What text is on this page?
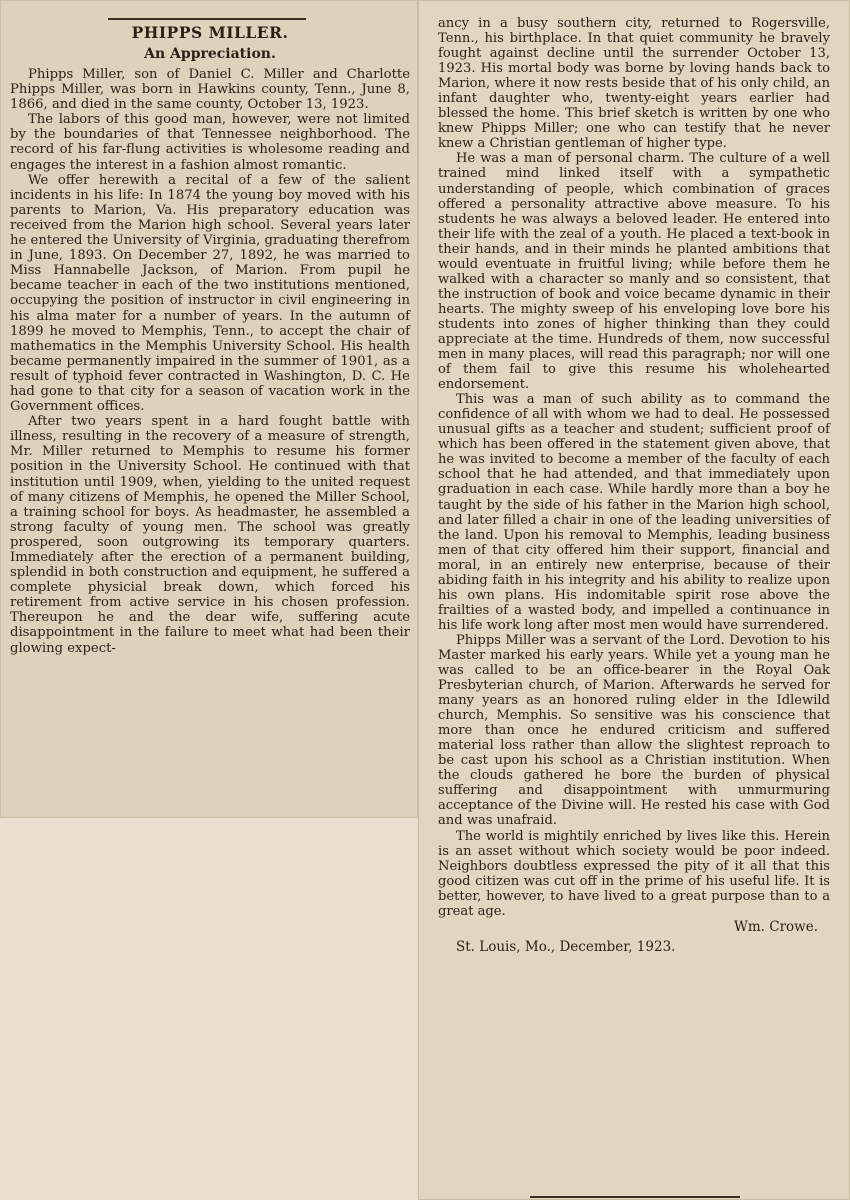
PHIPPS MILLER.
An Appreciation.

Phipps Miller, son of Daniel C. Miller and Charlotte Phipps Miller, was born in Hawkins county, Tenn., June 8, 1866, and died in the same county, October 13, 1923.

The labors of this good man, however, were not limited by the boundaries of that Tennessee neighborhood. The record of his far-flung activities is wholesome reading and engages the interest in a fashion almost romantic.

We offer herewith a recital of a few of the salient incidents in his life: In 1874 the young boy moved with his parents to Marion, Va. His preparatory education was received from the Marion high school. Several years later he entered the University of Virginia, graduating therefrom in June, 1893. On December 27, 1892, he was married to Miss Hannabelle Jackson, of Marion. From pupil he became teacher in each of the two institutions mentioned, occupying the position of instructor in civil engineering in his alma mater for a number of years. In the autumn of 1899 he moved to Memphis, Tenn., to accept the chair of mathematics in the Memphis University School. His health became permanently impaired in the summer of 1901, as a result of typhoid fever contracted in Washington, D. C. He had gone to that city for a season of vacation work in the Government offices.

After two years spent in a hard fought battle with illness, resulting in the recovery of a measure of strength, Mr. Miller returned to Memphis to resume his former position in the University School. He continued with that institution until 1909, when, yielding to the united request of many citizens of Memphis, he opened the Miller School, a training school for boys. As headmaster, he assembled a strong faculty of young men. The school was greatly prospered, soon outgrowing its temporary quarters. Immediately after the erection of a permanent building, splendid in both construction and equipment, he suffered a complete physicial break down, which forced his retirement from active service in his chosen profession. Thereupon he and the dear wife, suffering acute disappointment in the failure to meet what had been their glowing expect-

ancy in a busy southern city, returned to Rogersville, Tenn., his birthplace. In that quiet community he bravely fought against decline until the surrender October 13, 1923. His mortal body was borne by loving hands back to Marion, where it now rests beside that of his only child, an infant daughter who, twenty-eight years earlier had blessed the home. This brief sketch is written by one who knew Phipps Miller; one who can testify that he never knew a Christian gentleman of higher type.

He was a man of personal charm. The culture of a well trained mind linked itself with a sympathetic understanding of people, which combination of graces offered a personality attractive above measure. To his students he was always a beloved leader. He entered into their life with the zeal of a youth. He placed a text-book in their hands, and in their minds he planted ambitions that would eventuate in fruitful living; while before them he walked with a character so manly and so consistent, that the instruction of book and voice became dynamic in their hearts. The mighty sweep of his enveloping love bore his students into zones of higher thinking than they could appreciate at the time. Hundreds of them, now successful men in many places, will read this paragraph; nor will one of them fail to give this resume his wholehearted endorsement.

This was a man of such ability as to command the confidence of all with whom we had to deal. He possessed unusual gifts as a teacher and student; sufficient proof of which has been offered in the statement given above, that he was invited to become a member of the faculty of each school that he had attended, and that immediately upon graduation in each case. While hardly more than a boy he taught by the side of his father in the Marion high school, and later filled a chair in one of the leading universities of the land. Upon his removal to Memphis, leading business men of that city offered him their support, financial and moral, in an entirely new enterprise, because of their abiding faith in his integrity and his ability to realize upon his own plans. His indomitable spirit rose above the frailties of a wasted body, and impelled a continuance in his life work long after most men would have surrendered.

Phipps Miller was a servant of the Lord. Devotion to his Master marked his early years. While yet a young man he was called to be an office-bearer in the Royal Oak Presbyterian church, of Marion. Afterwards he served for many years as an honored ruling elder in the Idlewild church, Memphis. So sensitive was his conscience that more than once he endured criticism and suffered material loss rather than allow the slightest reproach to be cast upon his school as a Christian institution. When the clouds gathered he bore the burden of physical suffering and disappointment with unmurmuring acceptance of the Divine will. He rested his case with God and was unafraid.

The world is mightily enriched by lives like this. Herein is an asset without which society would be poor indeed. Neighbors doubtless expressed the pity of it all that this good citizen was cut off in the prime of his useful life. It is better, however, to have lived to a great purpose than to a great age.

Wm. Crowe.
St. Louis, Mo., December, 1923.
